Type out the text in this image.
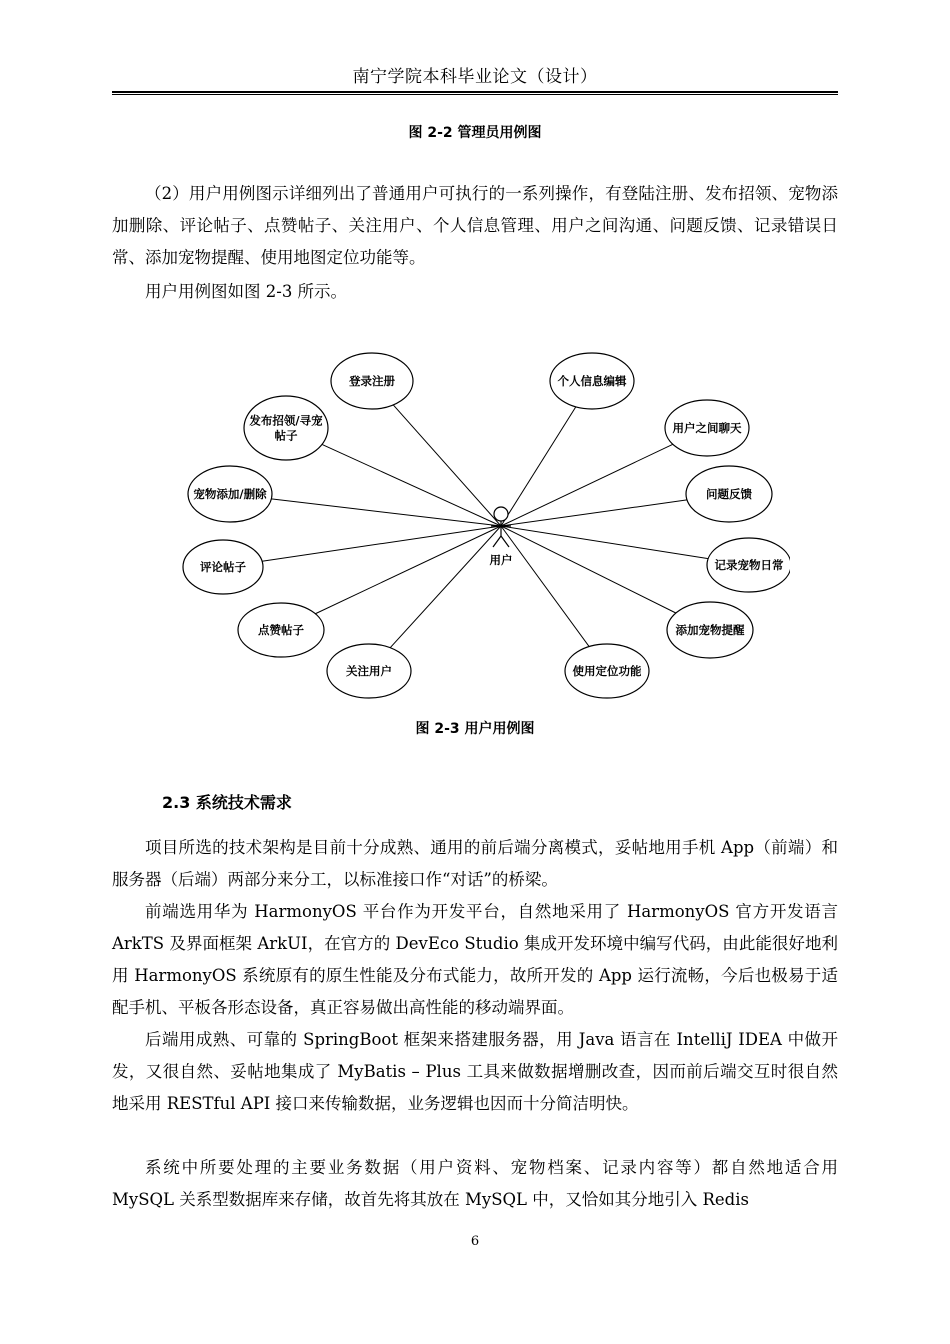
南宁学院本科毕业论文（设计）
图 2-2 管理员用例图

（2）用户用例图示详细列出了普通用户可执行的一系列操作，有登陆注册、发布招领、宠物添加删除、评论帖子、点赞帖子、关注用户、个人信息管理、用户之间沟通、问题反馈、记录错误日常、添加宠物提醒、使用地图定位功能等。

用户用例图如图 2-3 所示。

用户
登录注册
发布招领/寻宠
帖子
宠物添加/删除
评论帖子
点赞帖子
关注用户
个人信息编辑
用户之间聊天
问题反馈
记录宠物日常
添加宠物提醒
使用定位功能
图 2-3 用户用例图
2.3 系统技术需求

项目所选的技术架构是目前十分成熟、通用的前后端分离模式，妥帖地用手机 App（前端）和服务器（后端）两部分来分工，以标准接口作“对话”的桥梁。

前端选用华为 HarmonyOS 平台作为开发平台，自然地采用了 HarmonyOS 官方开发语言 ArkTS 及界面框架 ArkUI，在官方的 DevEco Studio 集成开发环境中编写代码，由此能很好地利用 HarmonyOS 系统原有的原生性能及分布式能力，故所开发的 App 运行流畅，今后也极易于适配手机、平板各形态设备，真正容易做出高性能的移动端界面。

后端用成熟、可靠的 SpringBoot 框架来搭建服务器，用 Java 语言在 IntelliJ IDEA 中做开发，又很自然、妥帖地集成了 MyBatis – Plus 工具来做数据增删改查，因而前后端交互时很自然地采用 RESTful API 接口来传输数据，业务逻辑也因而十分简洁明快。

系统中所要处理的主要业务数据（用户资料、宠物档案、记录内容等）都自然地适合用 MySQL 关系型数据库来存储，故首先将其放在 MySQL 中，又恰如其分地引入 Redis

6
